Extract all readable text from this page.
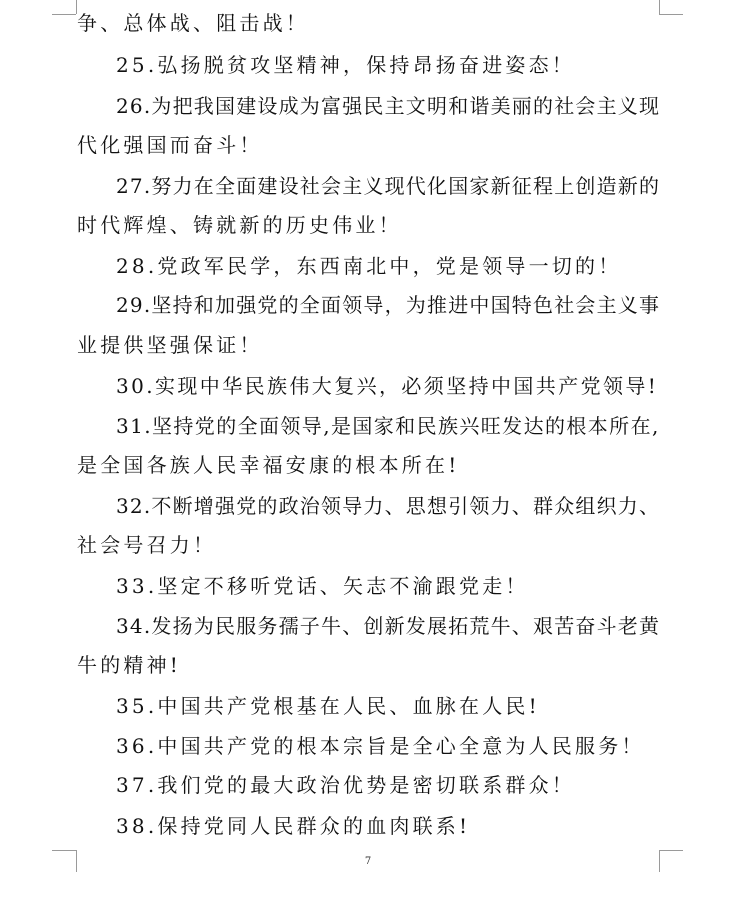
争、总体战、阻击战！
25.弘扬脱贫攻坚精神，保持昂扬奋进姿态！
26.为把我国建设成为富强民主文明和谐美丽的社会主义现
代化强国而奋斗！
27.努力在全面建设社会主义现代化国家新征程上创造新的
时代辉煌、铸就新的历史伟业！
28.党政军民学，东西南北中，党是领导一切的！
29.坚持和加强党的全面领导，为推进中国特色社会主义事
业提供坚强保证！
30.实现中华民族伟大复兴，必须坚持中国共产党领导!
31.坚持党的全面领导,是国家和民族兴旺发达的根本所在,
是全国各族人民幸福安康的根本所在!
32.不断增强党的政治领导力、思想引领力、群众组织力、
社会号召力！
33.坚定不移听党话、矢志不渝跟党走！
34.发扬为民服务孺子牛、创新发展拓荒牛、艰苦奋斗老黄
牛的精神!
35.中国共产党根基在人民、血脉在人民!
36.中国共产党的根本宗旨是全心全意为人民服务！
37.我们党的最大政治优势是密切联系群众！
38.保持党同人民群众的血肉联系!
7
